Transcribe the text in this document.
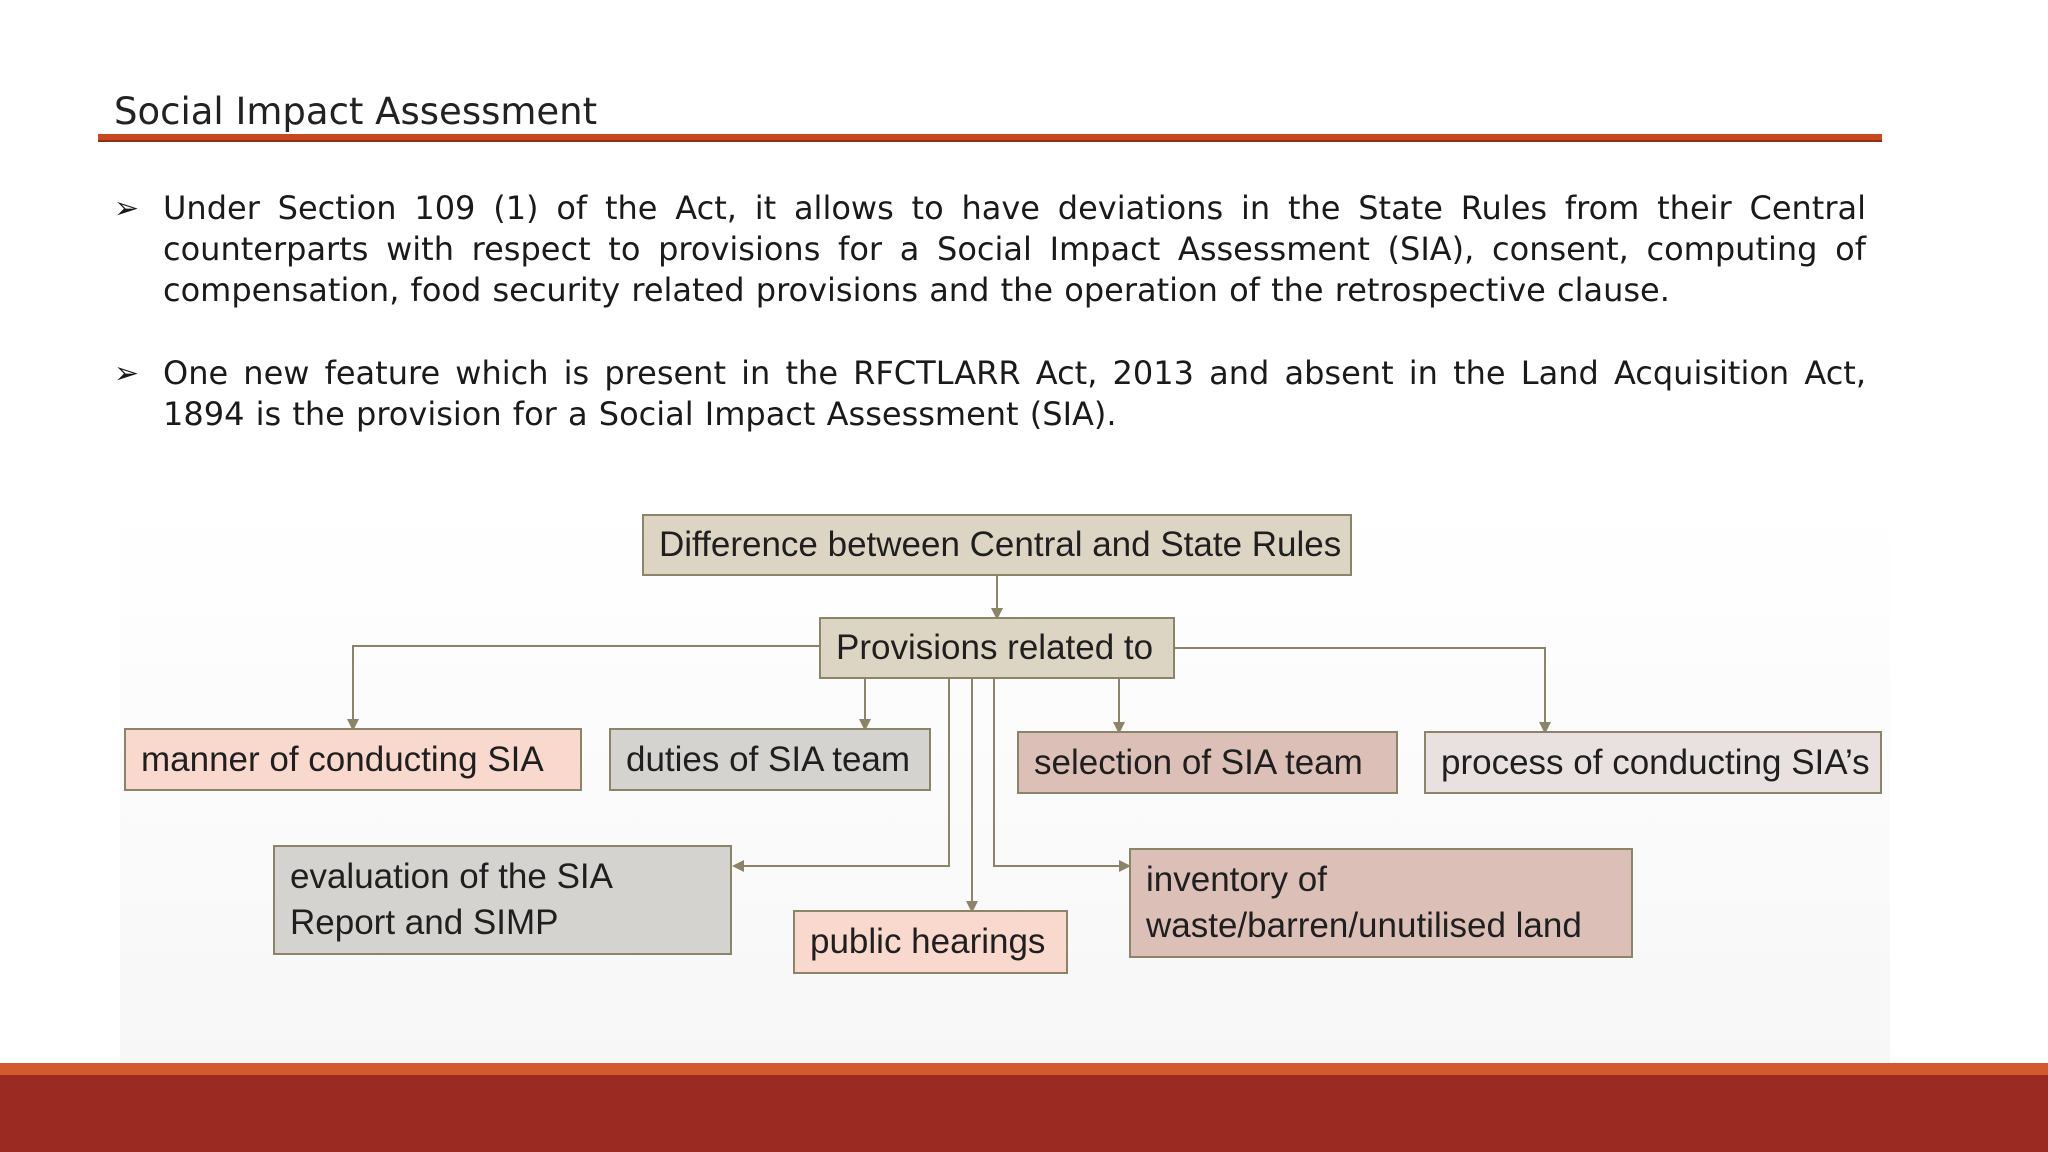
Social Impact Assessment
➢ Under Section 109 (1) of the Act, it allows to have deviations in the State Rules from their Central counterparts with respect to provisions for a Social Impact Assessment (SIA), consent, computing of compensation, food security related provisions and the operation of the retrospective clause.
➢ One new feature which is present in the RFCTLARR Act, 2013 and absent in the Land Acquisition Act, 1894 is the provision for a Social Impact Assessment (SIA).
Difference between Central and State Rules
Provisions related to
manner of conducting SIA	duties of SIA team	selection of SIA team	process of conducting SIA’s
evaluation of the SIA
Report and SIMP	public hearings
inventory of
waste/barren/unutilised land
